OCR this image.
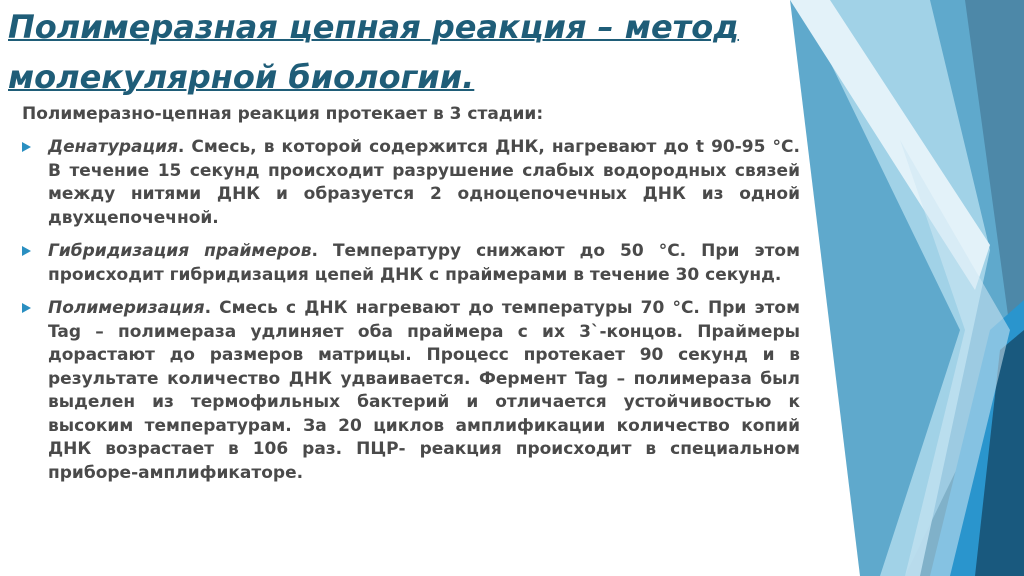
Полимеразная цепная реакция – метод молекулярной биологии.
Полимеразно-цепная реакция протекает в 3 стадии:
Денатурация. Смесь, в которой содержится ДНК, нагревают до t 90-95 °C. В течение 15 секунд происходит разрушение слабых водородных связей между нитями ДНК и образуется 2 одноцепочечных ДНК из одной двухцепочечной.
Гибридизация праймеров. Температуру снижают до 50 °C. При этом происходит гибридизация цепей ДНК с праймерами в течение 30 секунд.
Полимеризация. Смесь с ДНК нагревают до температуры 70 °C. При этом Tag – полимераза удлиняет оба праймера с их 3`-концов. Праймеры дорастают до размеров матрицы. Процесс протекает 90 секунд и в результате количество ДНК удваивается. Фермент Tag – полимераза был выделен из термофильных бактерий и отличается устойчивостью к высоким температурам. За 20 циклов амплификации количество копий ДНК возрастает в 106 раз. ПЦР- реакция происходит в специальном приборе-амплификаторе.
